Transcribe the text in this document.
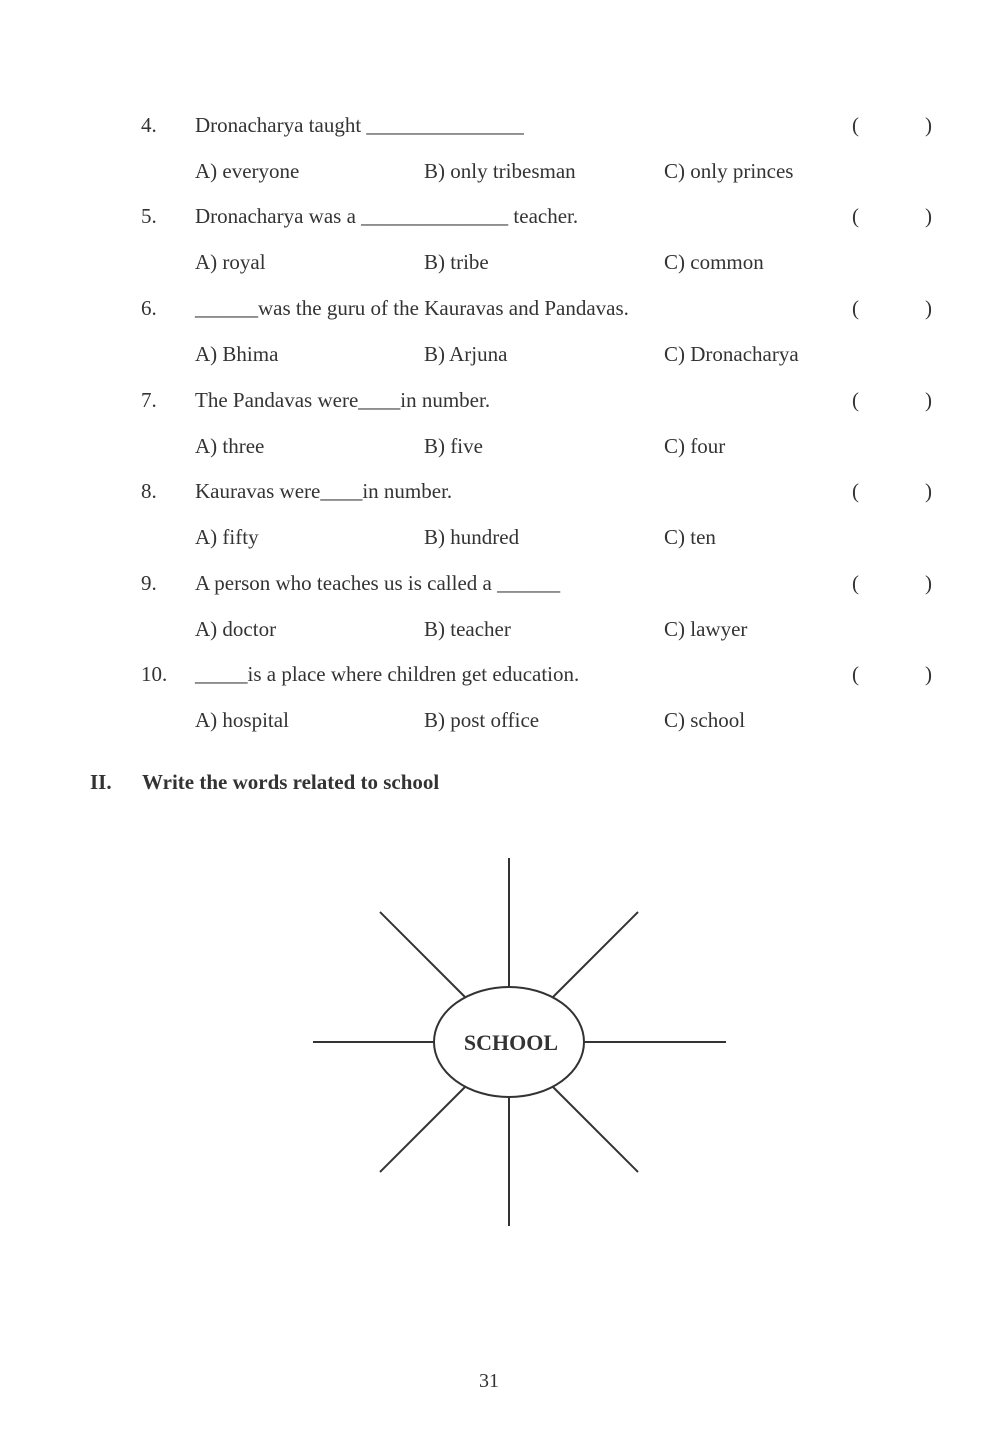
4. Dronacharya taught _______________	(	)
A) everyone	B) only tribesman	C) only princes
5. Dronacharya was a ______________ teacher.	(	)
A) royal	B) tribe	C) common
6. ______was the guru of the Kauravas and Pandavas.	(	)
A) Bhima	B) Arjuna	C) Dronacharya
7. The Pandavas were____in number.	(	)
A) three	B) five	C) four
8. Kauravas were____in number.	(	)
A) fifty	B) hundred	C) ten
9. A person who teaches us is called a ______	(	)
A) doctor	B) teacher	C) lawyer
10. _____is a place where children get education.	(	)
A) hospital	B) post office	C) school
II. Write the words related to school
SCHOOL
31
